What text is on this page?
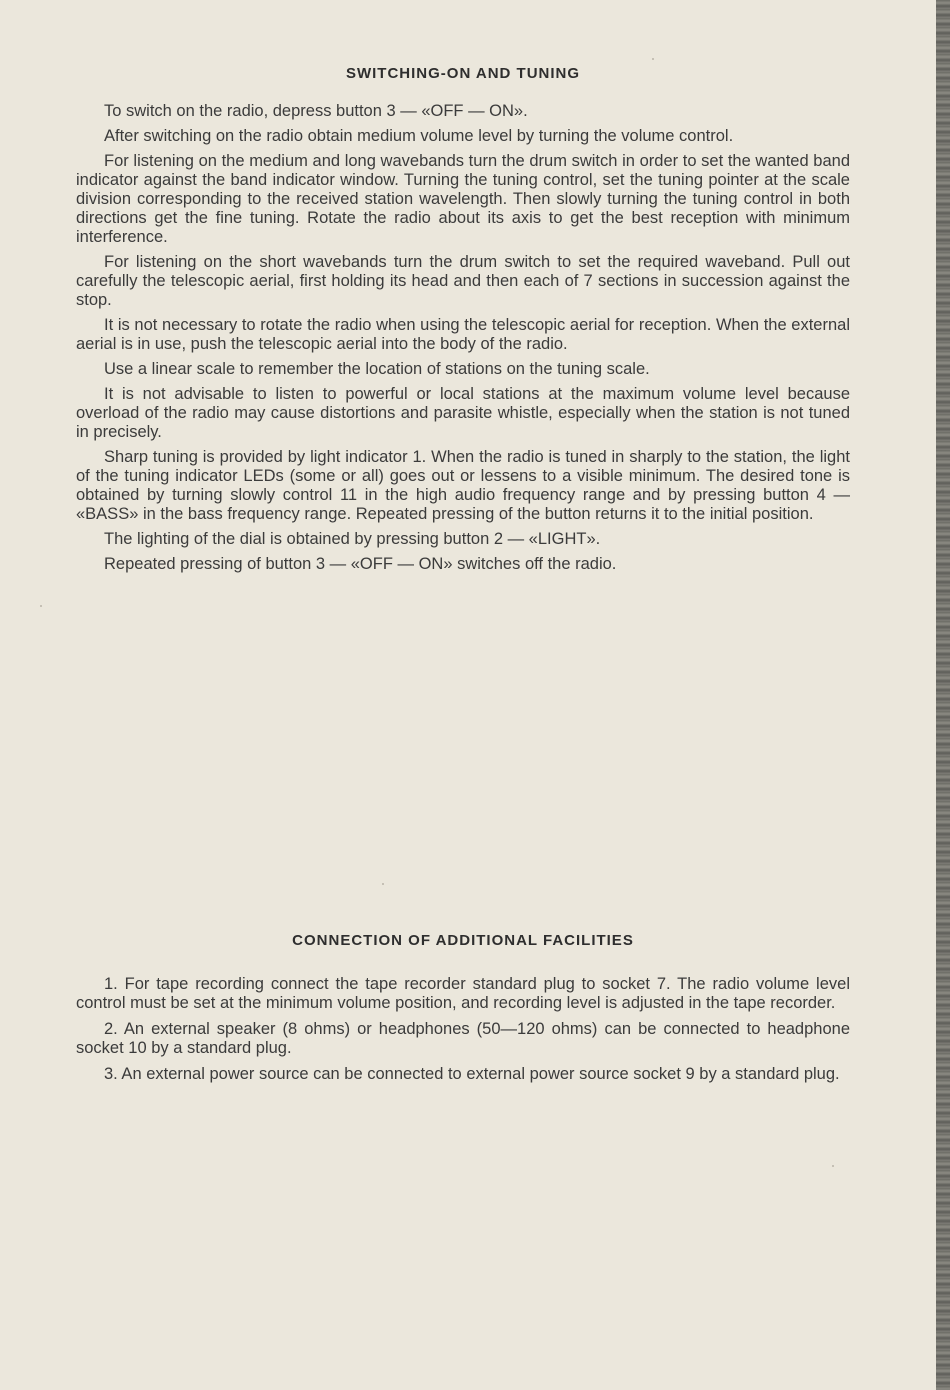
SWITCHING-ON AND TUNING

To switch on the radio, depress button 3 — «OFF — ON».

After switching on the radio obtain medium volume level by turning the volume control.

For listening on the medium and long wavebands turn the drum switch in order to set the wanted band indicator against the band indicator window. Turning the tuning control, set the tuning pointer at the scale division corresponding to the received station wavelength. Then slowly turning the tuning control in both directions get the fine tuning. Rotate the radio about its axis to get the best reception with minimum interference.

For listening on the short wavebands turn the drum switch to set the required waveband. Pull out carefully the telescopic aerial, first holding its head and then each of 7 sections in succession against the stop.

It is not necessary to rotate the radio when using the telescopic aerial for reception. When the external aerial is in use, push the telescopic aerial into the body of the radio.

Use a linear scale to remember the location of stations on the tuning scale.

It is not advisable to listen to powerful or local stations at the maximum volume level because overload of the radio may cause distortions and parasite whistle, especially when the station is not tuned in precisely.

Sharp tuning is provided by light indicator 1. When the radio is tuned in sharply to the station, the light of the tuning indicator LEDs (some or all) goes out or lessens to a visible minimum. The desired tone is obtained by turning slowly control 11 in the high audio frequency range and by pressing button 4 — «BASS» in the bass frequency range. Repeated pressing of the button returns it to the initial position.

The lighting of the dial is obtained by pressing button 2 — «LIGHT».

Repeated pressing of button 3 — «OFF — ON» switches off the radio.

CONNECTION OF ADDITIONAL FACILITIES

1. For tape recording connect the tape recorder standard plug to socket 7. The radio volume level control must be set at the minimum volume position, and recording level is adjusted in the tape recorder.

2. An external speaker (8 ohms) or headphones (50—120 ohms) can be connected to headphone socket 10 by a standard plug.

3. An external power source can be connected to external power source socket 9 by a standard plug.
